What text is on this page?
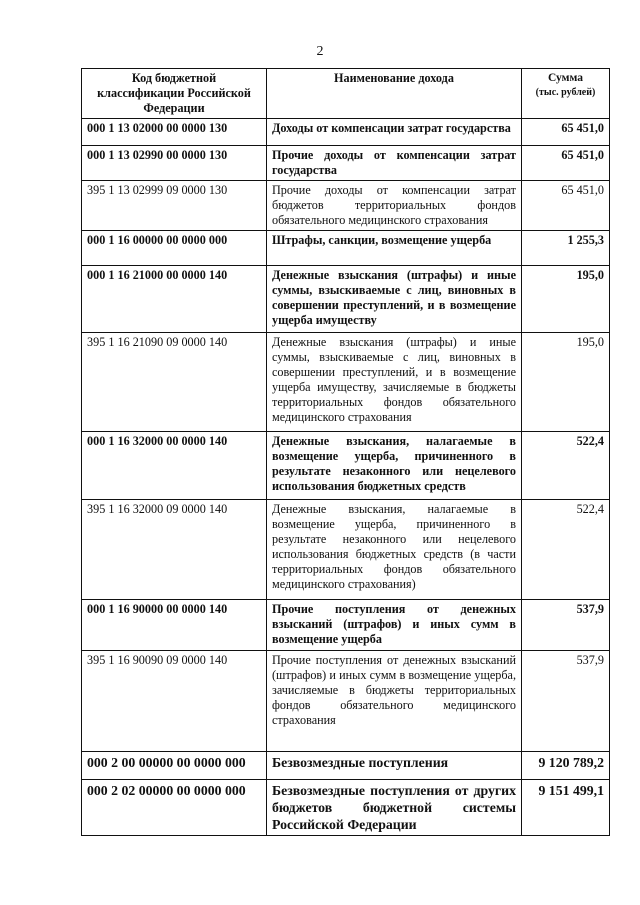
2
Код бюджетной классификации Российской Федерации	Наименование дохода	Сумма
(тыс. рублей)
000 1 13 02000 00 0000 130	Доходы от компенсации затрат государства	65 451,0
000 1 13 02990 00 0000 130	Прочие доходы от компенсации затрат государства	65 451,0
395 1 13 02999 09 0000 130	Прочие доходы от компенсации затрат бюджетов территориальных фондов обязательного медицинского страхования	65 451,0
000 1 16 00000 00 0000 000	Штрафы, санкции, возмещение ущерба	1 255,3
000 1 16 21000 00 0000 140	Денежные взыскания (штрафы) и иные суммы, взыскиваемые с лиц, виновных в совершении преступлений, и в возмещение ущерба имуществу	195,0
395 1 16 21090 09 0000 140	Денежные взыскания (штрафы) и иные суммы, взыскиваемые с лиц, виновных в совершении преступлений, и в возмещение ущерба имуществу, зачисляемые в бюджеты территориальных фондов обязательного медицинского страхования	195,0
000 1 16 32000 00 0000 140	Денежные взыскания, налагаемые в возмещение ущерба, причиненного в результате незаконного или нецелевого использования бюджетных средств	522,4
395 1 16 32000 09 0000 140	Денежные взыскания, налагаемые в возмещение ущерба, причиненного в результате незаконного или нецелевого использования бюджетных средств (в части территориальных фондов обязательного медицинского страхования)	522,4
000 1 16 90000 00 0000 140	Прочие поступления от денежных взысканий (штрафов) и иных сумм в возмещение ущерба	537,9
395 1 16 90090 09 0000 140	Прочие поступления от денежных взысканий (штрафов) и иных сумм в возмещение ущерба, зачисляемые в бюджеты территориальных фондов обязательного медицинского страхования	537,9
000 2 00 00000 00 0000 000	Безвозмездные поступления	9 120 789,2
000 2 02 00000 00 0000 000	Безвозмездные поступления от других бюджетов бюджетной системы Российской Федерации	9 151 499,1
